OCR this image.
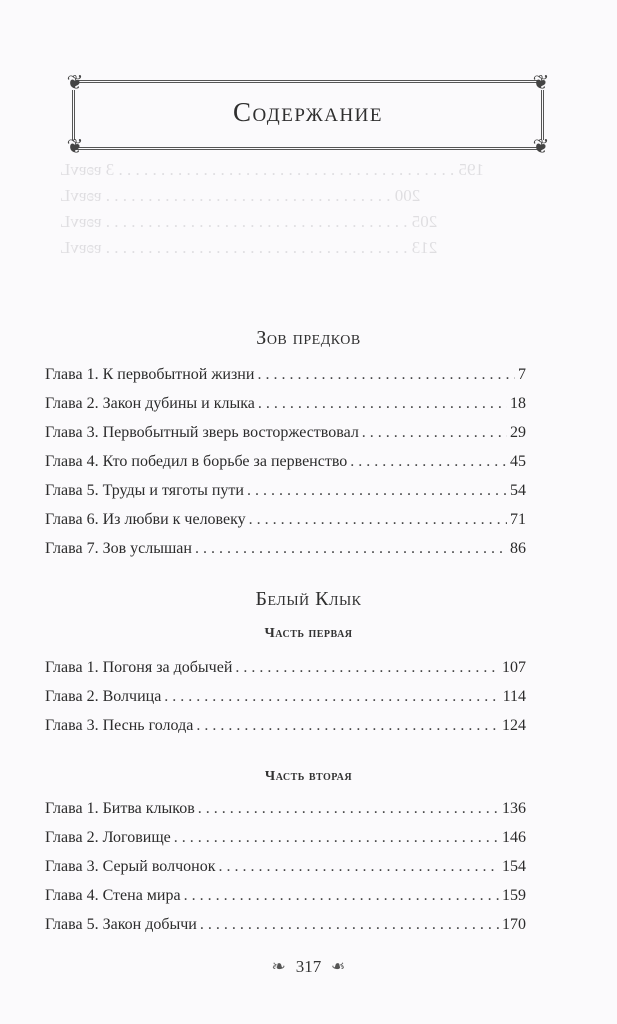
195 . . . . . . . . . . . . . . . . . . . . . . . . . . . . . . . . . . . . . . . . 3 ɐʚɐvL
200 . . . . . . . . . . . . . . . . . . . . . . . . . . . . . . . . . . ɐʚɐvL
205 . . . . . . . . . . . . . . . . . . . . . . . . . . . . . . . . . . . . ɐʚɐvL
213 . . . . . . . . . . . . . . . . . . . . . . . . . . . . . . . . . . . . ɐʚɐvL
❦	❦
❦	❦
Содержание
Зов предков
Глава 1. К первобытной жизни . . .	7
Глава 2. Закон дубины и клыка . . .	18
Глава 3. Первобытный зверь восторжествовал . . .	29
Глава 4. Кто победил в борьбе за первенство . . .	45
Глава 5. Труды и тяготы пути . . .	54
Глава 6. Из любви к человеку . . .	71
Глава 7. Зов услышан . . .	86
Белый Клык
Часть первая
Глава 1. Погоня за добычей . . .	107
Глава 2. Волчица . . .	114
Глава 3. Песнь голода . . .	124
Часть вторая
Глава 1. Битва клыков . . .	136
Глава 2. Логовище . . .	146
Глава 3. Серый волчонок . . .	154
Глава 4. Стена мира . . .	159
Глава 5. Закон добычи . . .	170
❧ 317 ❧
